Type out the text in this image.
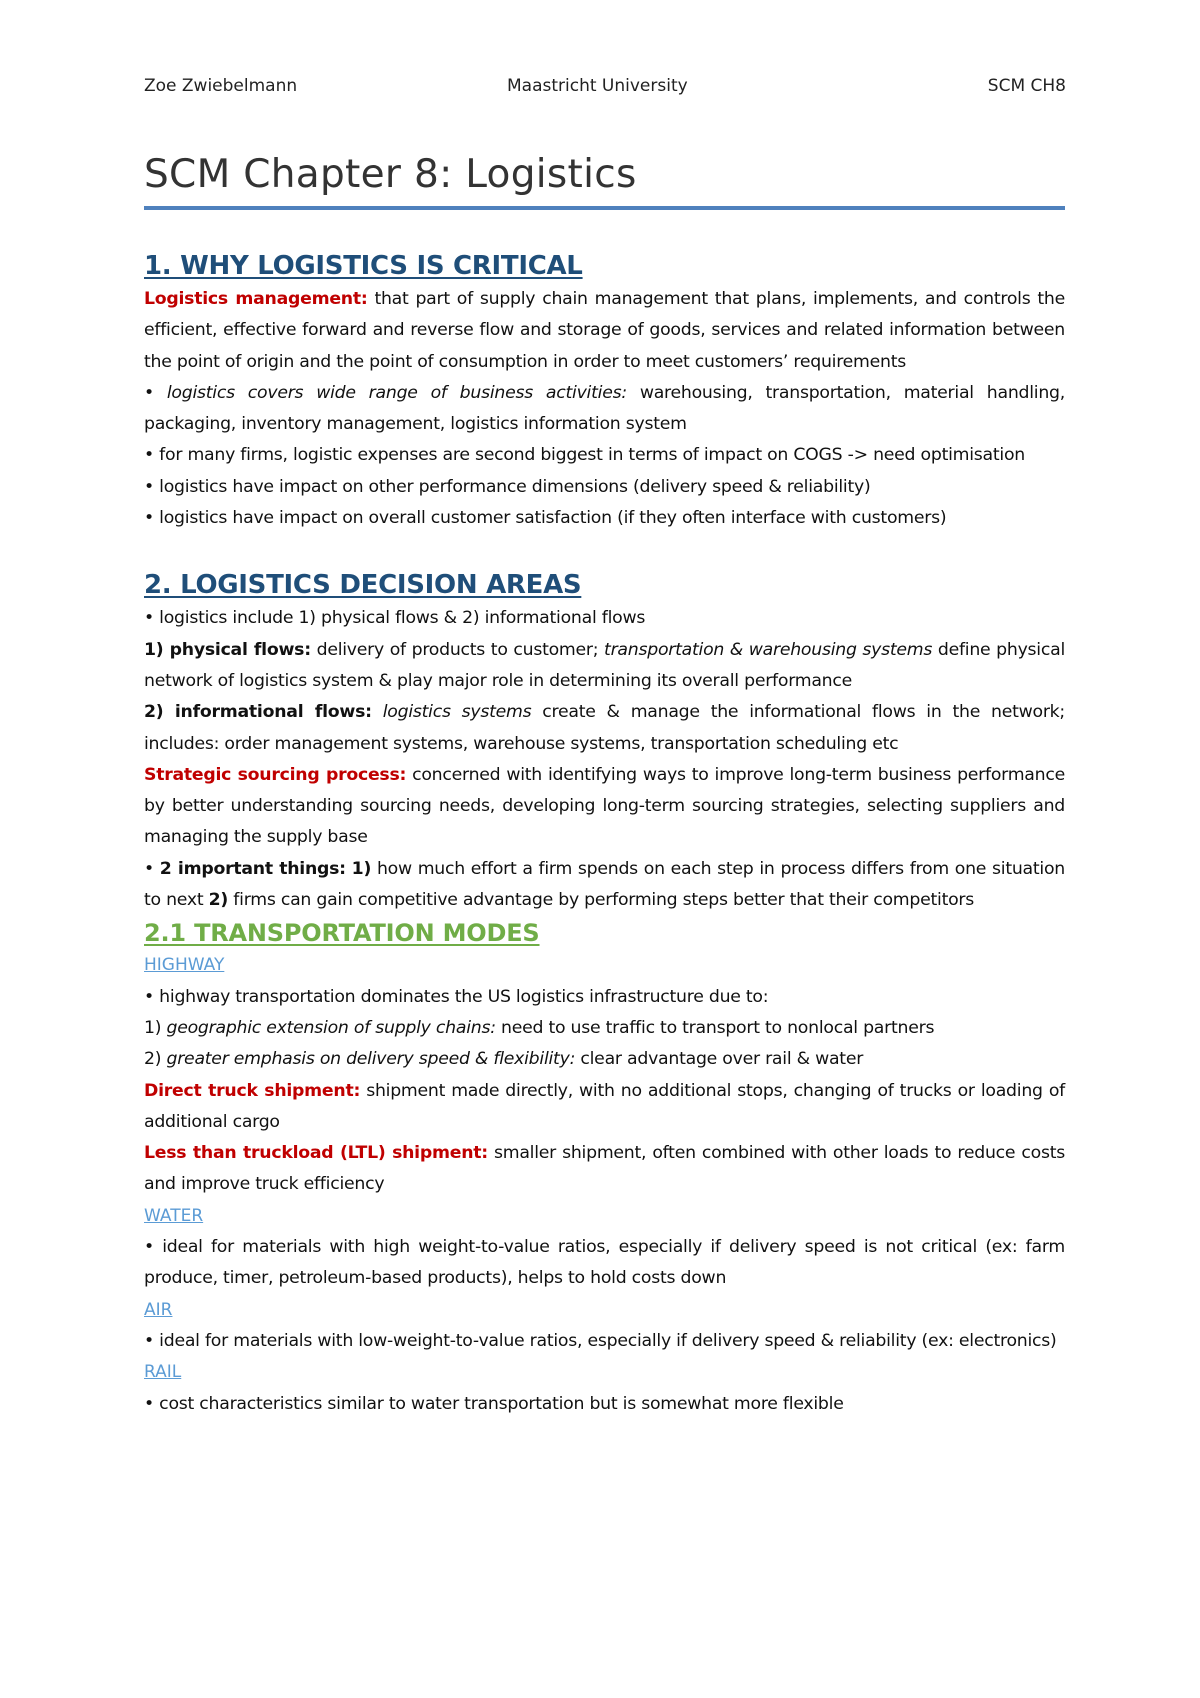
Zoe Zwiebelmann	Maastricht University	SCM CH8
SCM Chapter 8: Logistics
1. WHY LOGISTICS IS CRITICAL

Logistics management: that part of supply chain management that plans, implements, and controls the efficient, effective forward and reverse flow and storage of goods, services and related information between the point of origin and the point of consumption in order to meet customers’ requirements

• logistics covers wide range of business activities: warehousing, transportation, material handling, packaging, inventory management, logistics information system

• for many firms, logistic expenses are second biggest in terms of impact on COGS -> need optimisation

• logistics have impact on other performance dimensions (delivery speed & reliability)

• logistics have impact on overall customer satisfaction (if they often interface with customers)

2. LOGISTICS DECISION AREAS

• logistics include 1) physical flows & 2) informational flows

1) physical flows: delivery of products to customer; transportation & warehousing systems define physical network of logistics system & play major role in determining its overall performance

2) informational flows: logistics systems create & manage the informational flows in the network; includes: order management systems, warehouse systems, transportation scheduling etc

Strategic sourcing process: concerned with identifying ways to improve long-term business performance by better understanding sourcing needs, developing long-term sourcing strategies, selecting suppliers and managing the supply base

• 2 important things: 1) how much effort a firm spends on each step in process differs from one situation to next 2) firms can gain competitive advantage by performing steps better that their competitors

2.1 TRANSPORTATION MODES
HIGHWAY

• highway transportation dominates the US logistics infrastructure due to:

1) geographic extension of supply chains: need to use traffic to transport to nonlocal partners

2) greater emphasis on delivery speed & flexibility: clear advantage over rail & water

Direct truck shipment: shipment made directly, with no additional stops, changing of trucks or loading of additional cargo

Less than truckload (LTL) shipment: smaller shipment, often combined with other loads to reduce costs and improve truck efficiency

WATER

• ideal for materials with high weight-to-value ratios, especially if delivery speed is not critical (ex: farm produce, timer, petroleum-based products), helps to hold costs down

AIR

• ideal for materials with low-weight-to-value ratios, especially if delivery speed & reliability (ex: electronics)

RAIL

• cost characteristics similar to water transportation but is somewhat more flexible
